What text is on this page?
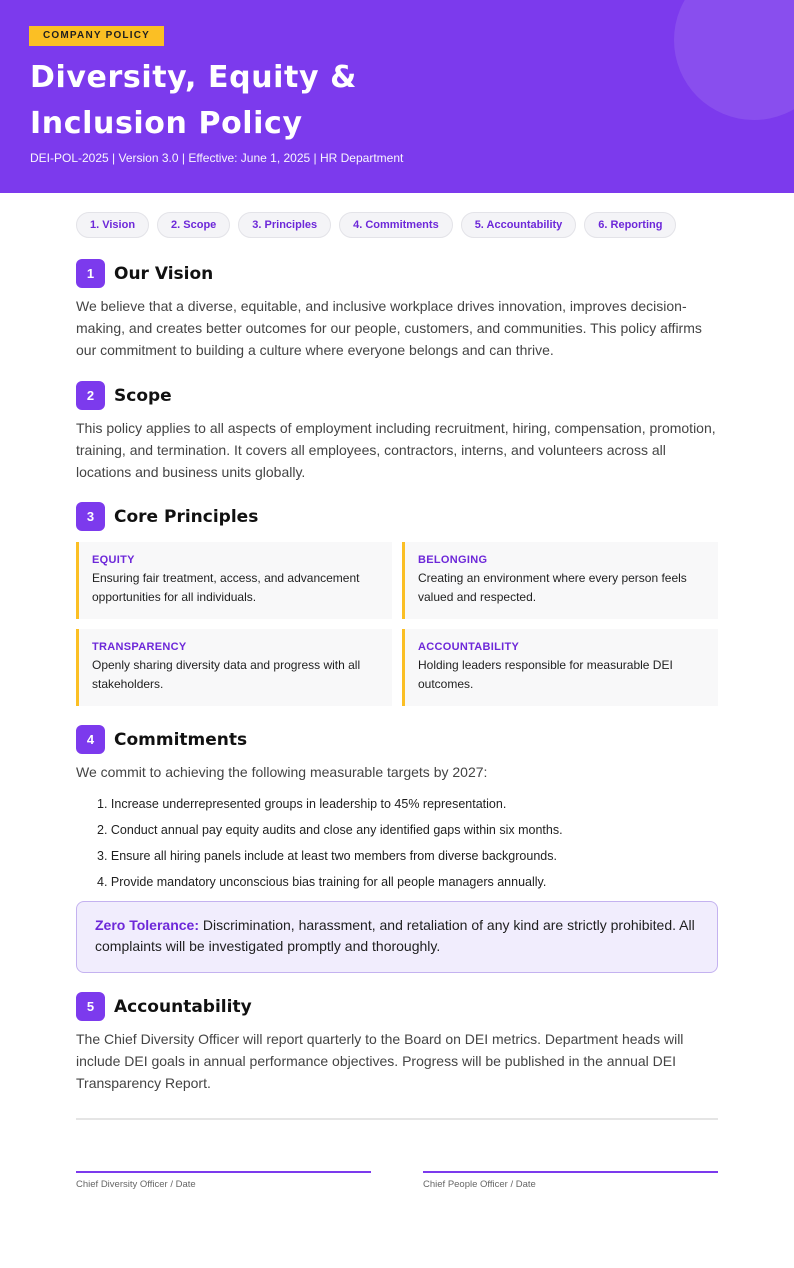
COMPANY POLICY
Diversity, Equity &
Inclusion Policy
DEI-POL-2025 | Version 3.0 | Effective: June 1, 2025 | HR Department
1. Vision	2. Scope	3. Principles	4. Commitments	5. Accountability	6. Reporting
1	Our Vision

We believe that a diverse, equitable, and inclusive workplace drives innovation, improves decision-making, and creates better outcomes for our people, customers, and communities. This policy affirms our commitment to building a culture where everyone belongs and can thrive.

2	Scope

This policy applies to all aspects of employment including recruitment, hiring, compensation, promotion, training, and termination. It covers all employees, contractors, interns, and volunteers across all locations and business units globally.

3	Core Principles
EQUITY
Ensuring fair treatment, access, and advancement opportunities for all individuals.
BELONGING
Creating an environment where every person feels valued and respected.
TRANSPARENCY
Openly sharing diversity data and progress with all stakeholders.
ACCOUNTABILITY
Holding leaders responsible for measurable DEI outcomes.
4	Commitments

We commit to achieving the following measurable targets by 2027:

1. Increase underrepresented groups in leadership to 45% representation.
2. Conduct annual pay equity audits and close any identified gaps within six months.
3. Ensure all hiring panels include at least two members from diverse backgrounds.
4. Provide mandatory unconscious bias training for all people managers annually.
Zero Tolerance: Discrimination, harassment, and retaliation of any kind are strictly prohibited. All complaints will be investigated promptly and thoroughly.
5	Accountability

The Chief Diversity Officer will report quarterly to the Board on DEI metrics. Department heads will include DEI goals in annual performance objectives. Progress will be published in the annual DEI Transparency Report.

Chief Diversity Officer / Date	Chief People Officer / Date
